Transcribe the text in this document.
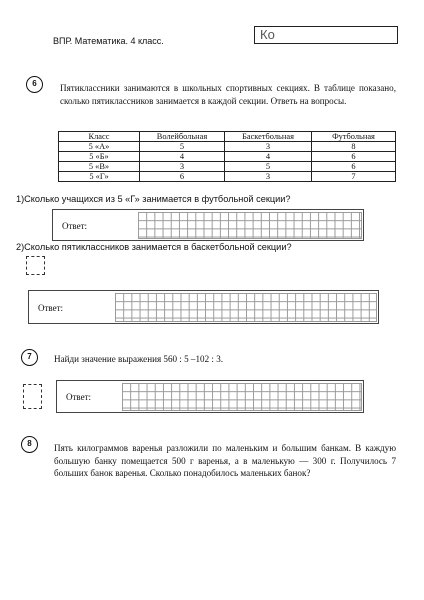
ВПР. Математика. 4 класс.	Ко
6	Пятиклассники занимаются в школьных спортивных секциях. В таблице показано, сколько пятиклассников занимается в каждой секции. Ответь на вопросы.
Класс	Волейбольная	Баскетбольная	Футбольная
5 «А»	5	3	8
5 «Б»	4	4	6
5 «В»	3	5	6
5 «Г»	6	3	7
1)Сколько учащихся из 5 «Г» занимается в футбольной секции?
Ответ:
2)Сколько пятиклассников занимается в баскетбольной секции?
Ответ:
7	Найди значение выражения 560 : 5 –102 : 3.
Ответ:
8	Пять килограммов варенья разложили по маленьким и большим банкам. В каждую большую банку помещается 500 г варенья, а в маленькую — 300 г. Получилось 7 больших банок варенья. Сколько понадобилось маленьких банок?
